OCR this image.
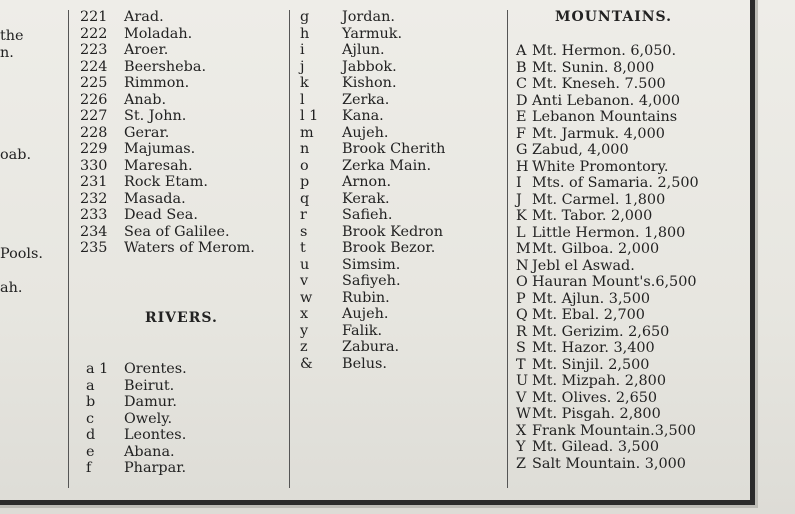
the
n.
oab.
Pools.
ah.
221	Arad.
222	Moladah.
223	Aroer.
224	Beersheba.
225	Rimmon.
226	Anab.
227	St. John.
228	Gerar.
229	Majumas.
330	Maresah.
231	Rock Etam.
232	Masada.
233	Dead Sea.
234	Sea of Galilee.
235	Waters of Merom.
RIVERS.
a 1	Orentes.
a	Beirut.
b	Damur.
c	Owely.
d	Leontes.
e	Abana.
f	Pharpar.
g	Jordan.
h	Yarmuk.
i	Ajlun.
j	Jabbok.
k	Kishon.
l	Zerka.
l 1	Kana.
m	Aujeh.
n	Brook Cherith
o	Zerka Main.
p	Arnon.
q	Kerak.
r	Safieh.
s	Brook Kedron
t	Brook Bezor.
u	Simsim.
v	Safiyeh.
w	Rubin.
x	Aujeh.
y	Falik.
z	Zabura.
&	Belus.
MOUNTAINS.
A Mt. Hermon. 6,050.
B Mt. Sunin. 8,000
C Mt. Kneseh. 7.500
D Anti Lebanon. 4,000
E Lebanon Mountains
F Mt. Jarmuk. 4,000
G Zabud, 4,000
H White Promontory.
I Mts. of Samaria. 2,500
J Mt. Carmel. 1,800
K Mt. Tabor. 2,000
L Little Hermon. 1,800
M Mt. Gilboa. 2,000
N Jebl el Aswad.
O Hauran Mount's.6,500
P Mt. Ajlun. 3,500
Q Mt. Ebal. 2,700
R Mt. Gerizim. 2,650
S Mt. Hazor. 3,400
T Mt. Sinjil. 2,500
U Mt. Mizpah. 2,800
V Mt. Olives. 2,650
W Mt. Pisgah. 2,800
X Frank Mountain.3,500
Y Mt. Gilead. 3,500
Z Salt Mountain. 3,000
